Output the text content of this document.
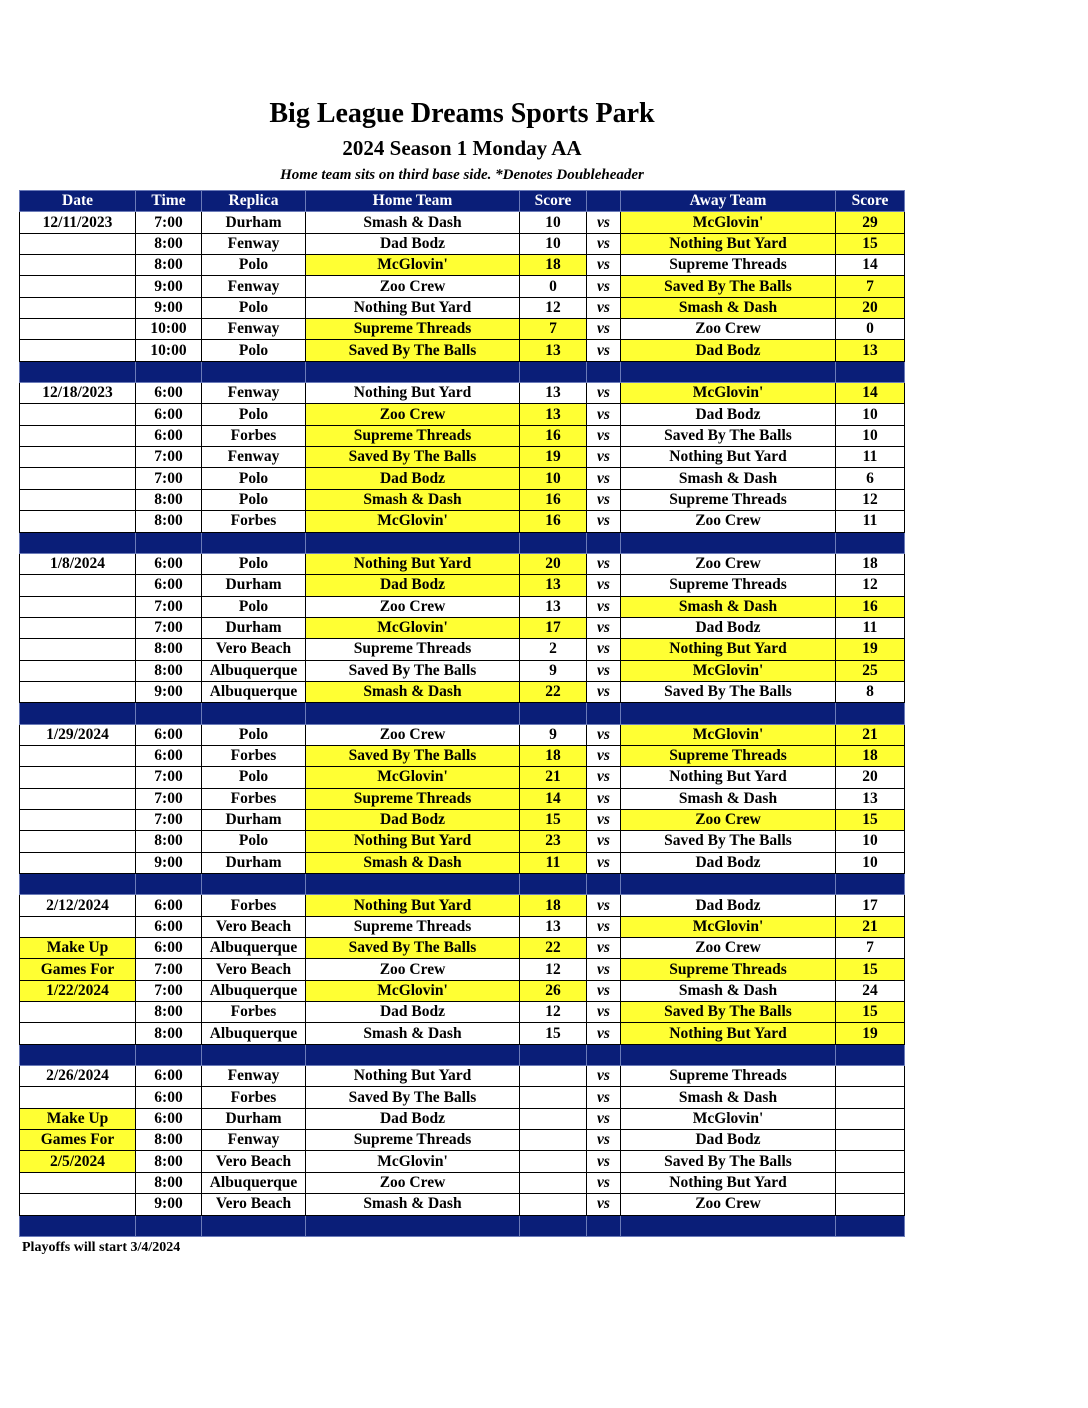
Big League Dreams Sports Park
2024 Season 1 Monday AA
Home team sits on third base side. *Denotes Doubleheader
Date	Time	Replica	Home Team	Score		Away Team	Score
12/11/2023	7:00	Durham	Smash & Dash	10	vs	McGlovin'	29
	8:00	Fenway	Dad Bodz	10	vs	Nothing But Yard	15
	8:00	Polo	McGlovin'	18	vs	Supreme Threads	14
	9:00	Fenway	Zoo Crew	0	vs	Saved By The Balls	7
	9:00	Polo	Nothing But Yard	12	vs	Smash & Dash	20
	10:00	Fenway	Supreme Threads	7	vs	Zoo Crew	0
	10:00	Polo	Saved By The Balls	13	vs	Dad Bodz	13

12/18/2023	6:00	Fenway	Nothing But Yard	13	vs	McGlovin'	14
	6:00	Polo	Zoo Crew	13	vs	Dad Bodz	10
	6:00	Forbes	Supreme Threads	16	vs	Saved By The Balls	10
	7:00	Fenway	Saved By The Balls	19	vs	Nothing But Yard	11
	7:00	Polo	Dad Bodz	10	vs	Smash & Dash	6
	8:00	Polo	Smash & Dash	16	vs	Supreme Threads	12
	8:00	Forbes	McGlovin'	16	vs	Zoo Crew	11

1/8/2024	6:00	Polo	Nothing But Yard	20	vs	Zoo Crew	18
	6:00	Durham	Dad Bodz	13	vs	Supreme Threads	12
	7:00	Polo	Zoo Crew	13	vs	Smash & Dash	16
	7:00	Durham	McGlovin'	17	vs	Dad Bodz	11
	8:00	Vero Beach	Supreme Threads	2	vs	Nothing But Yard	19
	8:00	Albuquerque	Saved By The Balls	9	vs	McGlovin'	25
	9:00	Albuquerque	Smash & Dash	22	vs	Saved By The Balls	8

1/29/2024	6:00	Polo	Zoo Crew	9	vs	McGlovin'	21
	6:00	Forbes	Saved By The Balls	18	vs	Supreme Threads	18
	7:00	Polo	McGlovin'	21	vs	Nothing But Yard	20
	7:00	Forbes	Supreme Threads	14	vs	Smash & Dash	13
	7:00	Durham	Dad Bodz	15	vs	Zoo Crew	15
	8:00	Polo	Nothing But Yard	23	vs	Saved By The Balls	10
	9:00	Durham	Smash & Dash	11	vs	Dad Bodz	10

2/12/2024	6:00	Forbes	Nothing But Yard	18	vs	Dad Bodz	17
	6:00	Vero Beach	Supreme Threads	13	vs	McGlovin'	21
Make Up	6:00	Albuquerque	Saved By The Balls	22	vs	Zoo Crew	7
Games For	7:00	Vero Beach	Zoo Crew	12	vs	Supreme Threads	15
1/22/2024	7:00	Albuquerque	McGlovin'	26	vs	Smash & Dash	24
	8:00	Forbes	Dad Bodz	12	vs	Saved By The Balls	15
	8:00	Albuquerque	Smash & Dash	15	vs	Nothing But Yard	19

2/26/2024	6:00	Fenway	Nothing But Yard		vs	Supreme Threads	
	6:00	Forbes	Saved By The Balls		vs	Smash & Dash	
Make Up	6:00	Durham	Dad Bodz		vs	McGlovin'	
Games For	8:00	Fenway	Supreme Threads		vs	Dad Bodz	
2/5/2024	8:00	Vero Beach	McGlovin'		vs	Saved By The Balls	
	8:00	Albuquerque	Zoo Crew		vs	Nothing But Yard	
	9:00	Vero Beach	Smash & Dash		vs	Zoo Crew	

Playoffs will start 3/4/2024
